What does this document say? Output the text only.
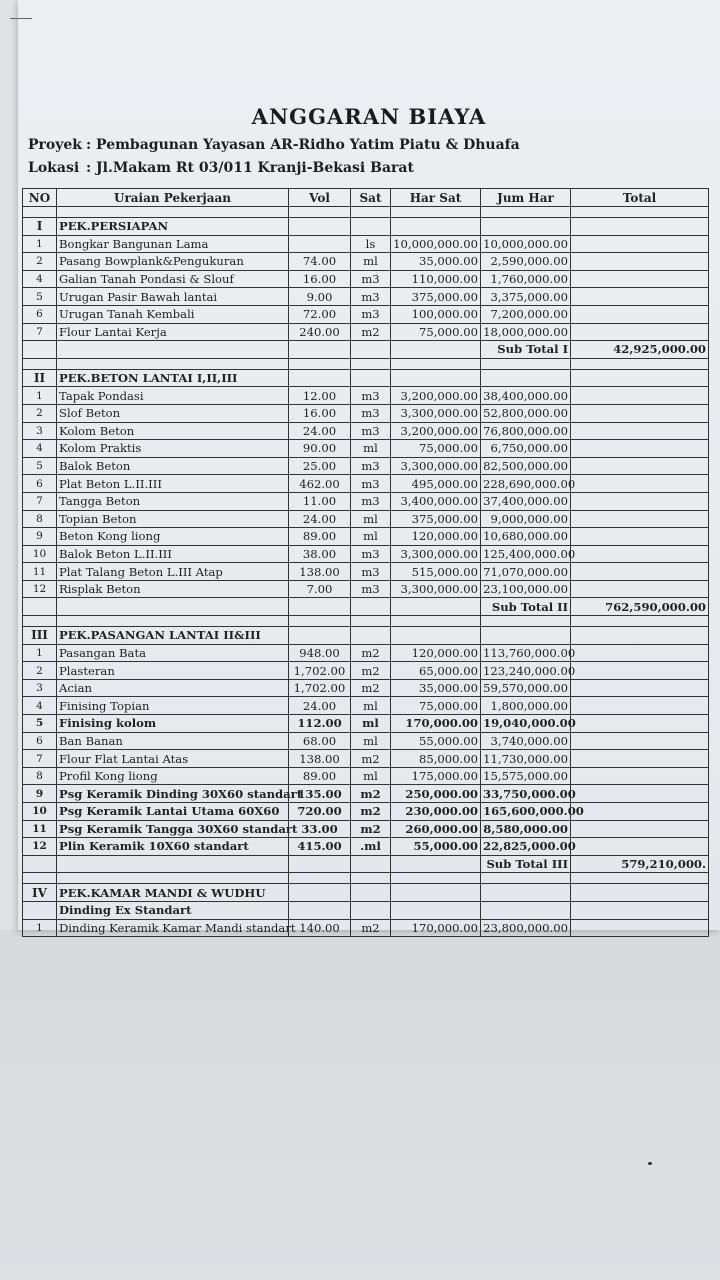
ANGGARAN BIAYA
Proyek : Pembagunan Yayasan AR-Ridho Yatim Piatu & Dhuafa
Lokasi : Jl.Makam Rt 03/011 Kranji-Bekasi Barat
NO	Uraian Pekerjaan	Vol	Sat	Har Sat	Jum Har	Total

I	PEK.PERSIAPAN					
1	Bongkar Bangunan Lama		ls	10,000,000.00	10,000,000.00	
2	Pasang Bowplank&Pengukuran	74.00	ml	35,000.00	2,590,000.00	
4	Galian Tanah Pondasi & Slouf	16.00	m3	110,000.00	1,760,000.00	
5	Urugan Pasir Bawah lantai	9.00	m3	375,000.00	3,375,000.00	
6	Urugan Tanah Kembali	72.00	m3	100,000.00	7,200,000.00	
7	Flour Lantai Kerja	240.00	m2	75,000.00	18,000,000.00	
					Sub Total I	42,925,000.00

II	PEK.BETON LANTAI I,II,III					
1	Tapak Pondasi	12.00	m3	3,200,000.00	38,400,000.00	
2	Slof Beton	16.00	m3	3,300,000.00	52,800,000.00	
3	Kolom Beton	24.00	m3	3,200,000.00	76,800,000.00	
4	Kolom Praktis	90.00	ml	75,000.00	6,750,000.00	
5	Balok Beton	25.00	m3	3,300,000.00	82,500,000.00	
6	Plat Beton L.II.III	462.00	m3	495,000.00	228,690,000.00	
7	Tangga Beton	11.00	m3	3,400,000.00	37,400,000.00	
8	Topian Beton	24.00	ml	375,000.00	9,000,000.00	
9	Beton Kong liong	89.00	ml	120,000.00	10,680,000.00	
10	Balok Beton L.II.III	38.00	m3	3,300,000.00	125,400,000.00	
11	Plat Talang Beton L.III Atap	138.00	m3	515,000.00	71,070,000.00	
12	Risplak Beton	7.00	m3	3,300,000.00	23,100,000.00	
					Sub Total II	762,590,000.00

III	PEK.PASANGAN LANTAI II&III					
1	Pasangan Bata	948.00	m2	120,000.00	113,760,000.00	
2	Plasteran	1,702.00	m2	65,000.00	123,240,000.00	
3	Acian	1,702.00	m2	35,000.00	59,570,000.00	
4	Finising Topian	24.00	ml	75,000.00	1,800,000.00	
5	Finising kolom	112.00	ml	170,000.00	19,040,000.00	
6	Ban Banan	68.00	ml	55,000.00	3,740,000.00	
7	Flour Flat Lantai Atas	138.00	m2	85,000.00	11,730,000.00	
8	Profil Kong liong	89.00	ml	175,000.00	15,575,000.00	
9	Psg Keramik Dinding 30X60 standart	135.00	m2	250,000.00	33,750,000.00	
10	Psg Keramik Lantai Utama 60X60	720.00	m2	230,000.00	165,600,000.00	
11	Psg Keramik Tangga 30X60 standart	33.00	m2	260,000.00	8,580,000.00	
12	Plin Keramik 10X60 standart	415.00	.ml	55,000.00	22,825,000.00	
					Sub Total III	579,210,000.

IV	PEK.KAMAR MANDI & WUDHU					
	Dinding Ex Standart					
1	Dinding Keramik Kamar Mandi standart	140.00	m2	170,000.00	23,800,000.00	
